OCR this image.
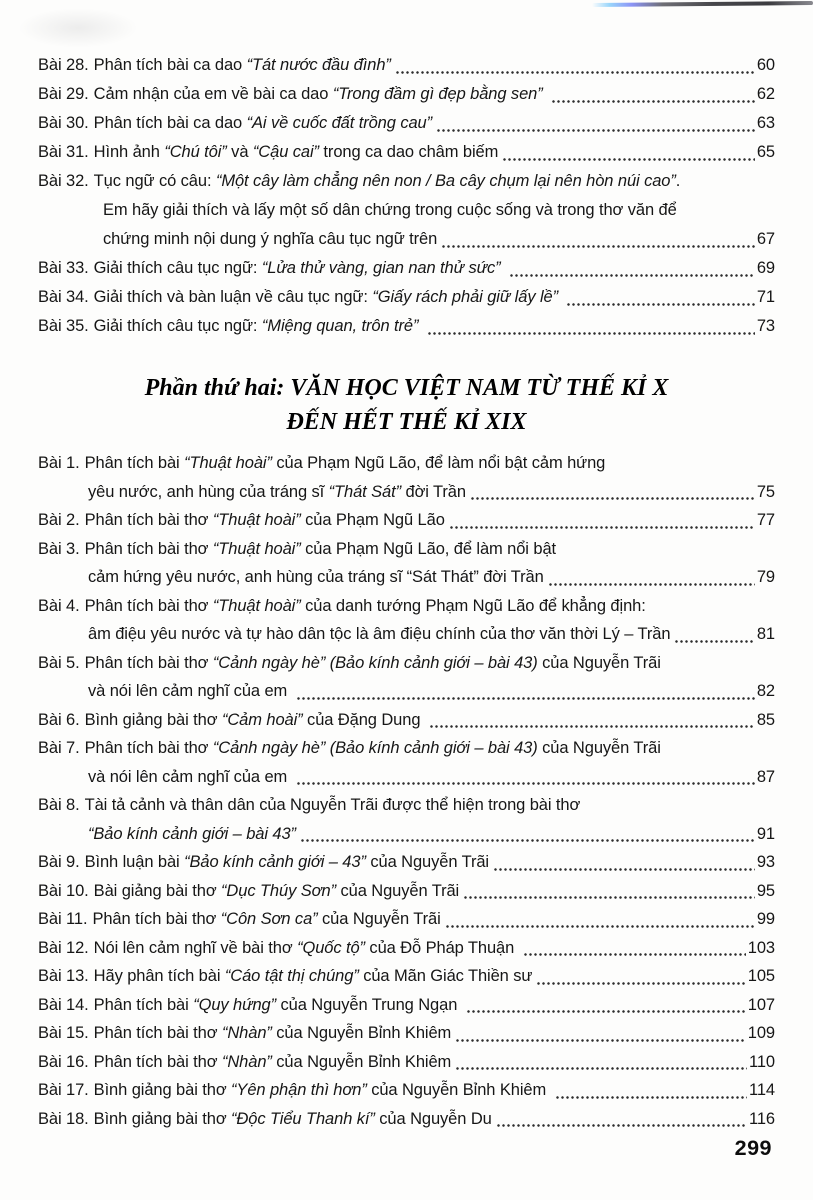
Bài 28. Phân tích bài ca dao “Tát nước đầu đình”	60
Bài 29. Cảm nhận của em về bài ca dao “Trong đầm gì đẹp bằng sen”
	62
Bài 30. Phân tích bài ca dao “Ai về cuốc đất trồng cau”	63
Bài 31. Hình ảnh “Chú tôi” và “Cậu cai” trong ca dao châm biếm	65
Bài 32. Tục ngữ có câu: “Một cây làm chẳng nên non / Ba cây chụm lại nên hòn núi cao” .
Em hãy giải thích và lấy một số dân chứng trong cuộc sống và trong thơ văn để
chứng minh nội dung ý nghĩa câu tục ngữ trên	67
Bài 33. Giải thích câu tục ngữ: “Lửa thử vàng, gian nan thử sức”
	69
Bài 34. Giải thích và bàn luận về câu tục ngữ: “Giấy rách phải giữ lấy lề”
	71
Bài 35. Giải thích câu tục ngữ: “Miệng quan, trôn trẻ”
	73
Phần thứ hai: VĂN HỌC VIỆT NAM TỪ THẾ KỈ X
ĐẾN HẾT THẾ KỈ XIX
Bài 1. Phân tích bài “Thuật hoài” của Phạm Ngũ Lão, để làm nổi bật cảm hứng
yêu nước, anh hùng của tráng sĩ “Thát Sát” đời Trần	75
Bài 2. Phân tích bài thơ “Thuật hoài” của Phạm Ngũ Lão	77
Bài 3. Phân tích bài thơ “Thuật hoài” của Phạm Ngũ Lão, để làm nổi bật
cảm hứng yêu nước, anh hùng của tráng sĩ “Sát Thát” đời Trần	79
Bài 4. Phân tích bài thơ “Thuật hoài” của danh tướng Phạm Ngũ Lão để khẳng định:
âm điệu yêu nước và tự hào dân tộc là âm điệu chính của thơ văn thời Lý – Trần	81
Bài 5. Phân tích bài thơ “Cảnh ngày hè”
(Bảo kính cảnh giới – bài 43) của Nguyễn Trãi
và nói lên cảm nghĩ của em	82
Bài 6. Bình giảng bài thơ “Cảm hoài” của Đặng Dung	85
Bài 7. Phân tích bài thơ “Cảnh ngày hè”
(Bảo kính cảnh giới – bài 43) của Nguyễn Trãi
và nói lên cảm nghĩ của em	87
Bài 8. Tài tả cảnh và thân dân của Nguyễn Trãi được thể hiện trong bài thơ
“Bảo kính cảnh giới – bài 43”	91
Bài 9. Bình luận bài “Bảo kính cảnh giới – 43” của Nguyễn Trãi	93
Bài 10. Bài giảng bài thơ “Dục Thúy Sơn” của Nguyễn Trãi	95
Bài 11. Phân tích bài thơ “Côn Sơn ca” của Nguyễn Trãi	99
Bài 12. Nói lên cảm nghĩ về bài thơ “Quốc tộ” của Đỗ Pháp Thuận	103
Bài 13. Hãy phân tích bài “Cáo tật thị chúng” của Mãn Giác Thiền sư	105
Bài 14. Phân tích bài “Quy hứng” của Nguyễn Trung Ngạn	107
Bài 15. Phân tích bài thơ “Nhàn” của Nguyễn Bỉnh Khiêm	109
Bài 16. Phân tích bài thơ “Nhàn” của Nguyễn Bỉnh Khiêm	110
Bài 17. Bình giảng bài thơ “Yên phận thì hơn” của Nguyễn Bỉnh Khiêm	114
Bài 18. Bình giảng bài thơ “Độc Tiểu Thanh kí” của Nguyễn Du	116
299
